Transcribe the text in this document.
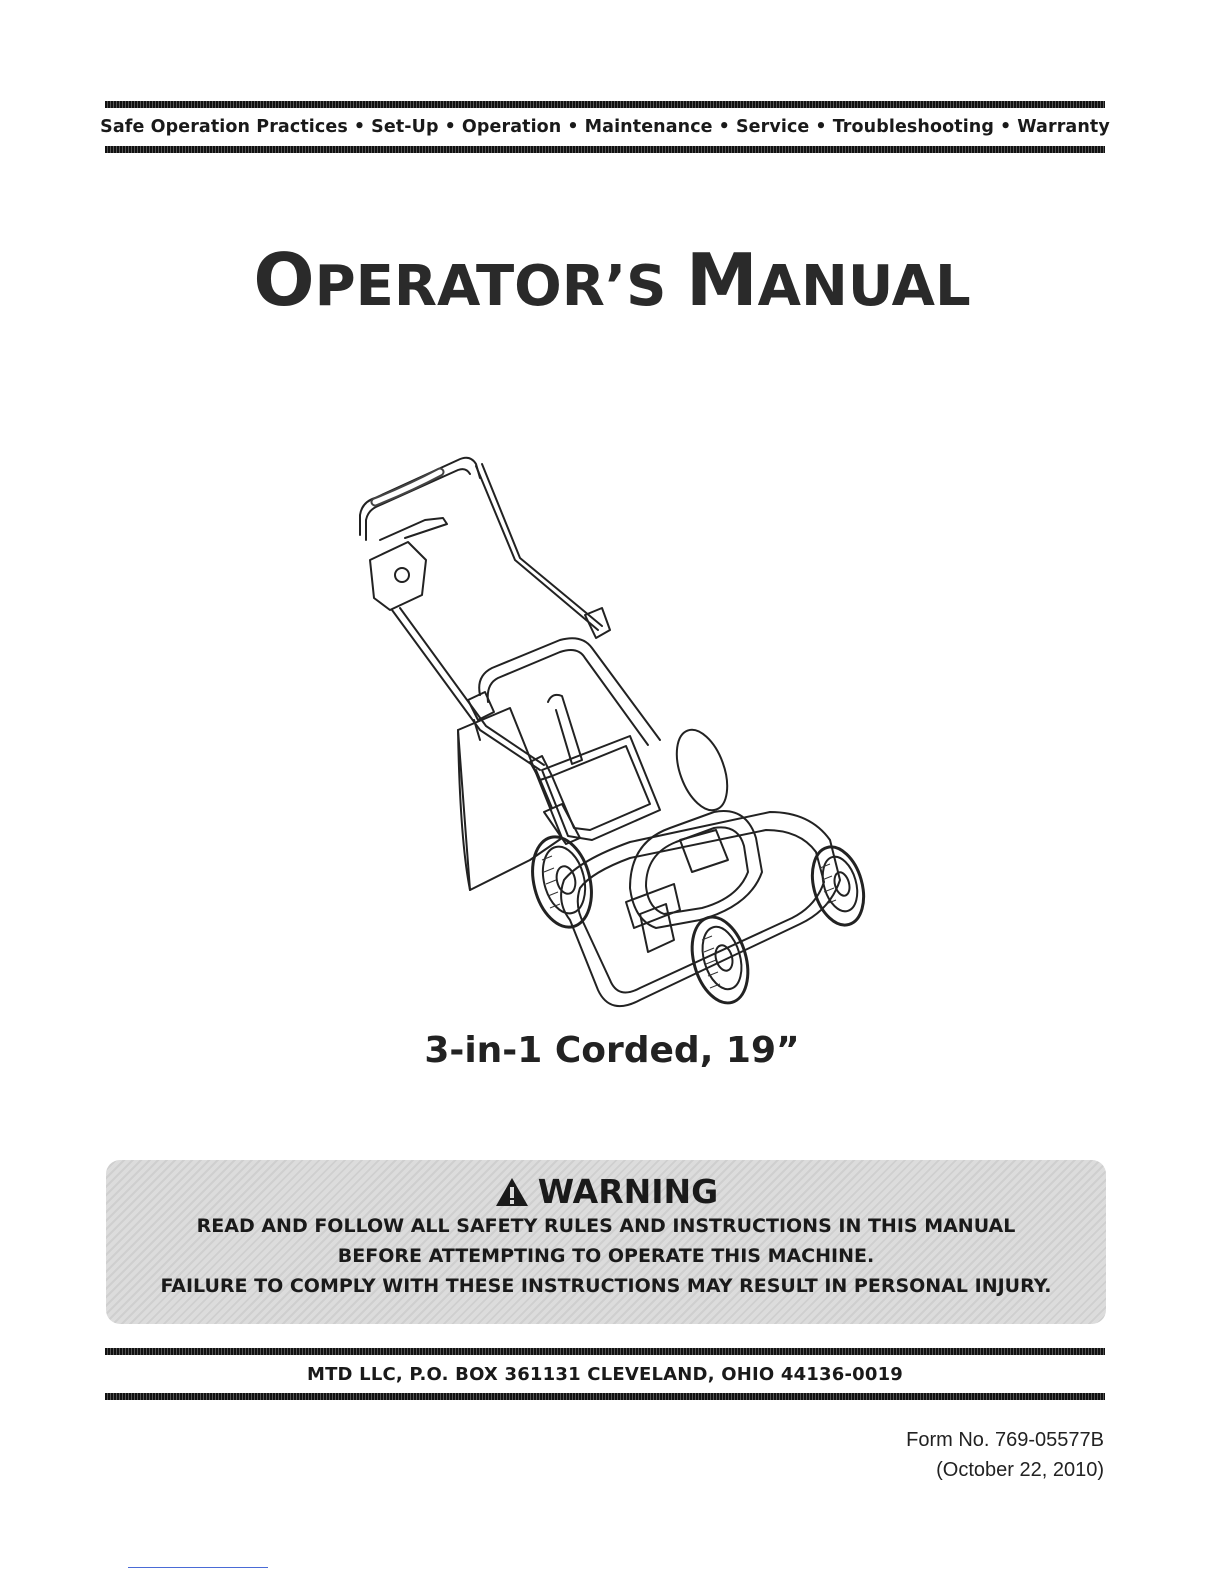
Safe Operation Practices • Set-Up • Operation • Maintenance • Service • Troubleshooting • Warranty
OPERATOR’S MANUAL
3-in-1 Corded, 19”
WARNING
READ AND FOLLOW ALL SAFETY RULES AND INSTRUCTIONS IN THIS MANUAL
BEFORE ATTEMPTING TO OPERATE THIS MACHINE.
FAILURE TO COMPLY WITH THESE INSTRUCTIONS MAY RESULT IN PERSONAL INJURY.
MTD LLC, P.O. BOX 361131 CLEVELAND, OHIO 44136-0019
Form No. 769-05577B
(October 22, 2010)
